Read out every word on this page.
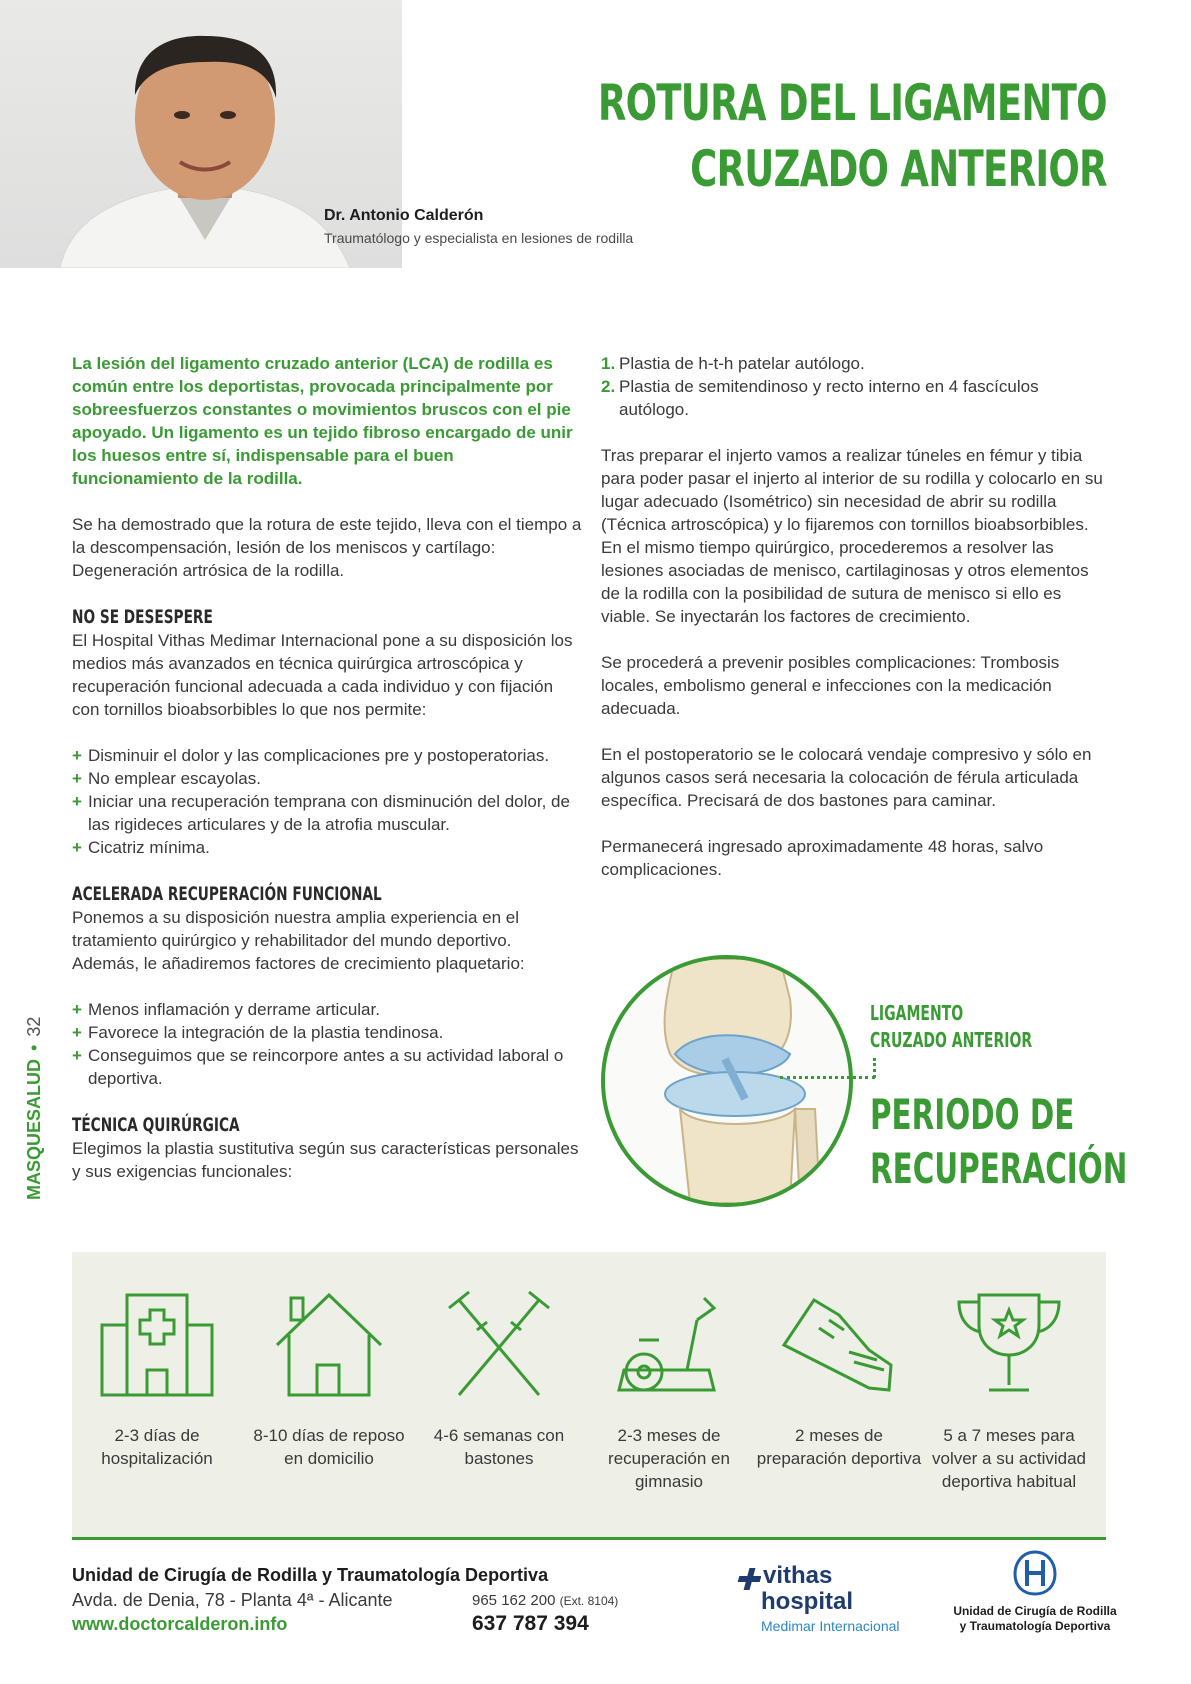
Dr. Antonio Calderón
Traumatólogo y especialista en lesiones de rodilla
ROTURA DEL LIGAMENTO
CRUZADO ANTERIOR

La lesión del ligamento cruzado anterior (LCA) de rodilla es común entre los deportistas, provocada principalmente por sobreesfuerzos constantes o movimientos bruscos con el pie apoyado. Un ligamento es un tejido fibroso encargado de unir los huesos entre sí, indispensable para el buen funcionamiento de la rodilla.

Se ha demostrado que la rotura de este tejido, lleva con el tiempo a la descompensación, lesión de los meniscos y cartílago: Degeneración artrósica de la rodilla.

NO SE DESESPERE

El Hospital Vithas Medimar Internacional pone a su disposición los medios más avanzados en técnica quirúrgica artroscópica y recuperación funcional adecuada a cada individuo y con fijación con tornillos bioabsorbibles lo que nos permite:

+ Disminuir el dolor y las complicaciones pre y postoperatorias.
+ No emplear escayolas.
+ Iniciar una recuperación temprana con disminución del dolor, de las rigideces articulares y de la atrofia muscular.
+ Cicatriz mínima.
ACELERADA RECUPERACIÓN FUNCIONAL

Ponemos a su disposición nuestra amplia experiencia en el tratamiento quirúrgico y rehabilitador del mundo deportivo. Además, le añadiremos factores de crecimiento plaquetario:

+ Menos inflamación y derrame articular.
+ Favorece la integración de la plastia tendinosa.
+ Conseguimos que se reincorpore antes a su actividad laboral o deportiva.
TÉCNICA QUIRÚRGICA

Elegimos la plastia sustitutiva según sus características personales y sus exigencias funcionales:

1. Plastia de h-t-h patelar autólogo.
2. Plastia de semitendinoso y recto interno en 4 fascículos autólogo.

Tras preparar el injerto vamos a realizar túneles en fémur y tibia para poder pasar el injerto al interior de su rodilla y colocarlo en su lugar adecuado (Isométrico) sin necesidad de abrir su rodilla (Técnica artroscópica) y lo fijaremos con tornillos bioabsorbibles. En el mismo tiempo quirúrgico, procederemos a resolver las lesiones asociadas de menisco, cartilaginosas y otros elementos de la rodilla con la posibilidad de sutura de menisco si ello es viable. Se inyectarán los factores de crecimiento.

Se procederá a prevenir posibles complicaciones: Trombosis locales, embolismo general e infecciones con la medicación adecuada.

En el postoperatorio se le colocará vendaje compresivo y sólo en algunos casos será necesaria la colocación de férula articulada específica. Precisará de dos bastones para caminar.

Permanecerá ingresado aproximadamente 48 horas, salvo complicaciones.

LIGAMENTO
CRUZADO ANTERIOR
PERIODO DE
RECUPERACIÓN
MASQUESALUD•32
2-3 días de hospitalización
8-10 días de reposo en domicilio
4-6 semanas con bastones
2-3 meses de recuperación en gimnasio
2 meses de preparación deportiva
5 a 7 meses para volver a su actividad deportiva habitual
Unidad de Cirugía de Rodilla y Traumatología Deportiva
Avda. de Denia, 78 - Planta 4ª - Alicante
www.doctorcalderon.info
965 162 200 (Ext. 8104)
637 787 394
vithas
hospital
Medimar Internacional
Unidad de Cirugía de Rodilla
y Traumatología Deportiva
